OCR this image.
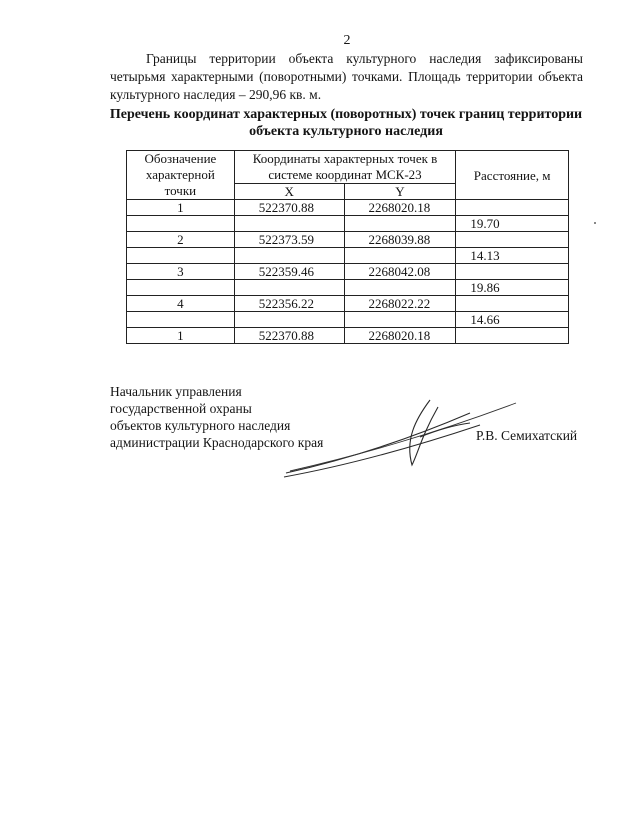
2

Границы территории объекта культурного наследия зафиксированы четырьмя характерными (поворотными) точками. Площадь территории объекта культурного наследия – 290,96 кв. м.

Перечень координат характерных (поворотных) точек границ территории
объекта культурного наследия
Обозначение характерной точки	Координаты характерных точек в системе координат МСК-23		Расстояние, м
	X	Y	
1	522370.88	2268020.18	
			19.70
2	522373.59	2268039.88	
			14.13
3	522359.46	2268042.08	
			19.86
4	522356.22	2268022.22	
			14.66
1	522370.88	2268020.18	
Начальник управления
государственной охраны
объектов культурного наследия
администрации Краснодарского края	Р.В. Семихатский
